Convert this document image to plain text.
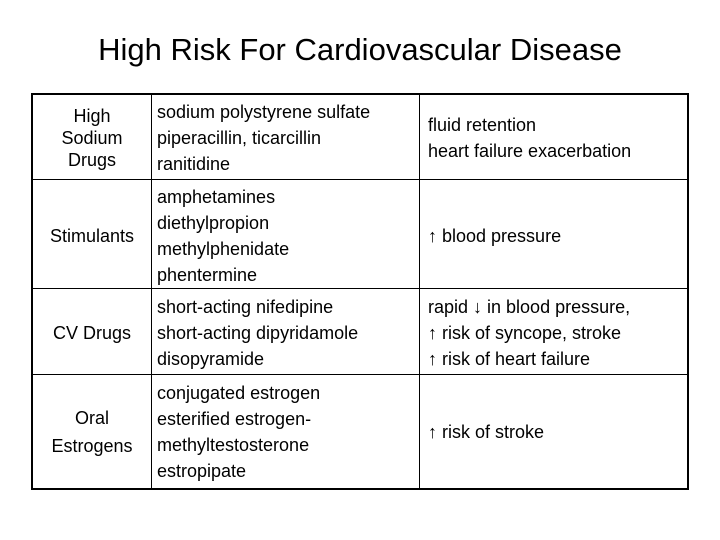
High Risk For Cardiovascular Disease
High Sodium Drugs
sodium polystyrene sulfate
piperacillin, ticarcillin
ranitidine
fluid retention
heart failure exacerbation
Stimulants
amphetamines
diethylpropion
methylphenidate
phentermine
↑ blood pressure
CV Drugs
short-acting nifedipine
short-acting dipyridamole
disopyramide
rapid ↓ in blood pressure,
↑ risk of syncope, stroke
↑ risk of heart failure
Oral Estrogens
conjugated estrogen
esterified estrogen-
methyltestosterone
estropipate
↑ risk of stroke
